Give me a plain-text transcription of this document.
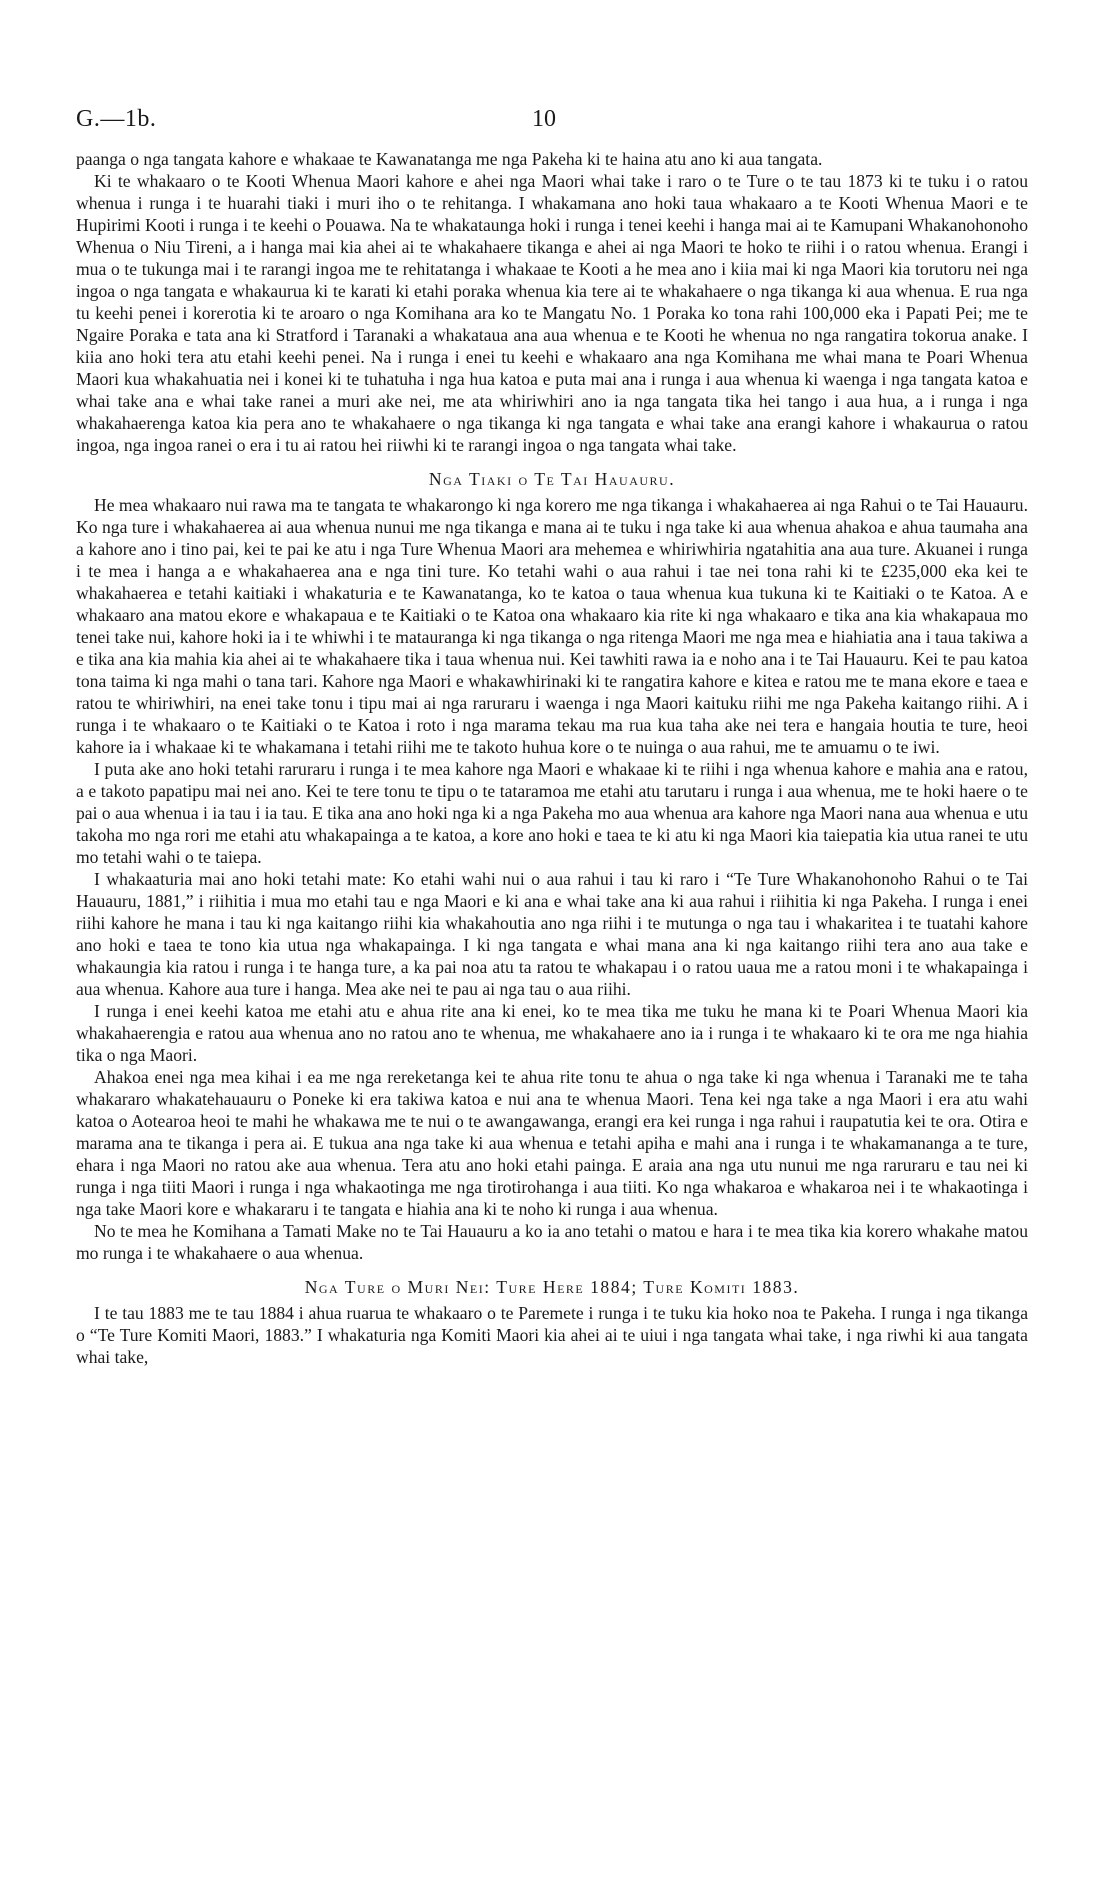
G.—1b.	10

paanga o nga tangata kahore e whakaae te Kawanatanga me nga Pakeha ki te haina atu ano ki aua tangata.

Ki te whakaaro o te Kooti Whenua Maori kahore e ahei nga Maori whai take i raro o te Ture o te tau 1873 ki te tuku i o ratou whenua i runga i te huarahi tiaki i muri iho o te rehitanga. I whakamana ano hoki taua whakaaro a te Kooti Whenua Maori e te Hupirimi Kooti i runga i te keehi o Pouawa. Na te whakataunga hoki i runga i tenei keehi i hanga mai ai te Kamupani Whakanohonoho Whenua o Niu Tireni, a i hanga mai kia ahei ai te whakahaere tikanga e ahei ai nga Maori te hoko te riihi i o ratou whenua. Erangi i mua o te tukunga mai i te rarangi ingoa me te rehitatanga i whakaae te Kooti a he mea ano i kiia mai ki nga Maori kia torutoru nei nga ingoa o nga tangata e whakaurua ki te karati ki etahi poraka whenua kia tere ai te whakahaere o nga tikanga ki aua whenua. E rua nga tu keehi penei i korerotia ki te aroaro o nga Komihana ara ko te Mangatu No. 1 Poraka ko tona rahi 100,000 eka i Papati Pei; me te Ngaire Poraka e tata ana ki Stratford i Taranaki a whakataua ana aua whenua e te Kooti he whenua no nga rangatira tokorua anake. I kiia ano hoki tera atu etahi keehi penei. Na i runga i enei tu keehi e whakaaro ana nga Komihana me whai mana te Poari Whenua Maori kua whakahuatia nei i konei ki te tuhatuha i nga hua katoa e puta mai ana i runga i aua whenua ki waenga i nga tangata katoa e whai take ana e whai take ranei a muri ake nei, me ata whiriwhiri ano ia nga tangata tika hei tango i aua hua, a i runga i nga whakahaerenga katoa kia pera ano te whakahaere o nga tikanga ki nga tangata e whai take ana erangi kahore i whakaurua o ratou ingoa, nga ingoa ranei o era i tu ai ratou hei riiwhi ki te rarangi ingoa o nga tangata whai take.

Nga Tiaki o Te Tai Hauauru.

He mea whakaaro nui rawa ma te tangata te whakarongo ki nga korero me nga tikanga i whakahaerea ai nga Rahui o te Tai Hauauru. Ko nga ture i whakahaerea ai aua whenua nunui me nga tikanga e mana ai te tuku i nga take ki aua whenua ahakoa e ahua taumaha ana a kahore ano i tino pai, kei te pai ke atu i nga Ture Whenua Maori ara mehemea e whiriwhiria ngatahitia ana aua ture. Akuanei i runga i te mea i hanga a e whakahaerea ana e nga tini ture. Ko tetahi wahi o aua rahui i tae nei tona rahi ki te £235,000 eka kei te whakahaerea e tetahi kaitiaki i whakaturia e te Kawanatanga, ko te katoa o taua whenua kua tukuna ki te Kaitiaki o te Katoa. A e whakaaro ana matou ekore e whakapaua e te Kaitiaki o te Katoa ona whakaaro kia rite ki nga whakaaro e tika ana kia whakapaua mo tenei take nui, kahore hoki ia i te whiwhi i te matauranga ki nga tikanga o nga ritenga Maori me nga mea e hiahiatia ana i taua takiwa a e tika ana kia mahia kia ahei ai te whakahaere tika i taua whenua nui. Kei tawhiti rawa ia e noho ana i te Tai Hauauru. Kei te pau katoa tona taima ki nga mahi o tana tari. Kahore nga Maori e whakawhirinaki ki te rangatira kahore e kitea e ratou me te mana ekore e taea e ratou te whiriwhiri, na enei take tonu i tipu mai ai nga raruraru i waenga i nga Maori kaituku riihi me nga Pakeha kaitango riihi. A i runga i te whakaaro o te Kaitiaki o te Katoa i roto i nga marama tekau ma rua kua taha ake nei tera e hangaia houtia te ture, heoi kahore ia i whakaae ki te whakamana i tetahi riihi me te takoto huhua kore o te nuinga o aua rahui, me te amuamu o te iwi.

I puta ake ano hoki tetahi raruraru i runga i te mea kahore nga Maori e whakaae ki te riihi i nga whenua kahore e mahia ana e ratou, a e takoto papatipu mai nei ano. Kei te tere tonu te tipu o te tataramoa me etahi atu tarutaru i runga i aua whenua, me te hoki haere o te pai o aua whenua i ia tau i ia tau. E tika ana ano hoki nga ki a nga Pakeha mo aua whenua ara kahore nga Maori nana aua whenua e utu takoha mo nga rori me etahi atu whakapainga a te katoa, a kore ano hoki e taea te ki atu ki nga Maori kia taiepatia kia utua ranei te utu mo tetahi wahi o te taiepa.

I whakaaturia mai ano hoki tetahi mate: Ko etahi wahi nui o aua rahui i tau ki raro i “Te Ture Whakanohonoho Rahui o te Tai Hauauru, 1881,” i riihitia i mua mo etahi tau e nga Maori e ki ana e whai take ana ki aua rahui i riihitia ki nga Pakeha. I runga i enei riihi kahore he mana i tau ki nga kaitango riihi kia whakahoutia ano nga riihi i te mutunga o nga tau i whakaritea i te tuatahi kahore ano hoki e taea te tono kia utua nga whakapainga. I ki nga tangata e whai mana ana ki nga kaitango riihi tera ano aua take e whakaungia kia ratou i runga i te hanga ture, a ka pai noa atu ta ratou te whakapau i o ratou uaua me a ratou moni i te whakapainga i aua whenua. Kahore aua ture i hanga. Mea ake nei te pau ai nga tau o aua riihi.

I runga i enei keehi katoa me etahi atu e ahua rite ana ki enei, ko te mea tika me tuku he mana ki te Poari Whenua Maori kia whakahaerengia e ratou aua whenua ano no ratou ano te whenua, me whakahaere ano ia i runga i te whakaaro ki te ora me nga hiahia tika o nga Maori.

Ahakoa enei nga mea kihai i ea me nga rereketanga kei te ahua rite tonu te ahua o nga take ki nga whenua i Taranaki me te taha whakararo whakatehauauru o Poneke ki era takiwa katoa e nui ana te whenua Maori. Tena kei nga take a nga Maori i era atu wahi katoa o Aotearoa heoi te mahi he whakawa me te nui o te awangawanga, erangi era kei runga i nga rahui i raupatutia kei te ora. Otira e marama ana te tikanga i pera ai. E tukua ana nga take ki aua whenua e tetahi apiha e mahi ana i runga i te whakamananga a te ture, ehara i nga Maori no ratou ake aua whenua. Tera atu ano hoki etahi painga. E araia ana nga utu nunui me nga raruraru e tau nei ki runga i nga tiiti Maori i runga i nga whakaotinga me nga tirotirohanga i aua tiiti. Ko nga whakaroa e whakaroa nei i te whakaotinga i nga take Maori kore e whakararu i te tangata e hiahia ana ki te noho ki runga i aua whenua.

No te mea he Komihana a Tamati Make no te Tai Hauauru a ko ia ano tetahi o matou e hara i te mea tika kia korero whakahe matou mo runga i te whakahaere o aua whenua.

Nga Ture o Muri Nei: Ture Here 1884; Ture Komiti 1883.

I te tau 1883 me te tau 1884 i ahua ruarua te whakaaro o te Paremete i runga i te tuku kia hoko noa te Pakeha. I runga i nga tikanga o “Te Ture Komiti Maori, 1883.” I whakaturia nga Komiti Maori kia ahei ai te uiui i nga tangata whai take, i nga riwhi ki aua tangata whai take,
